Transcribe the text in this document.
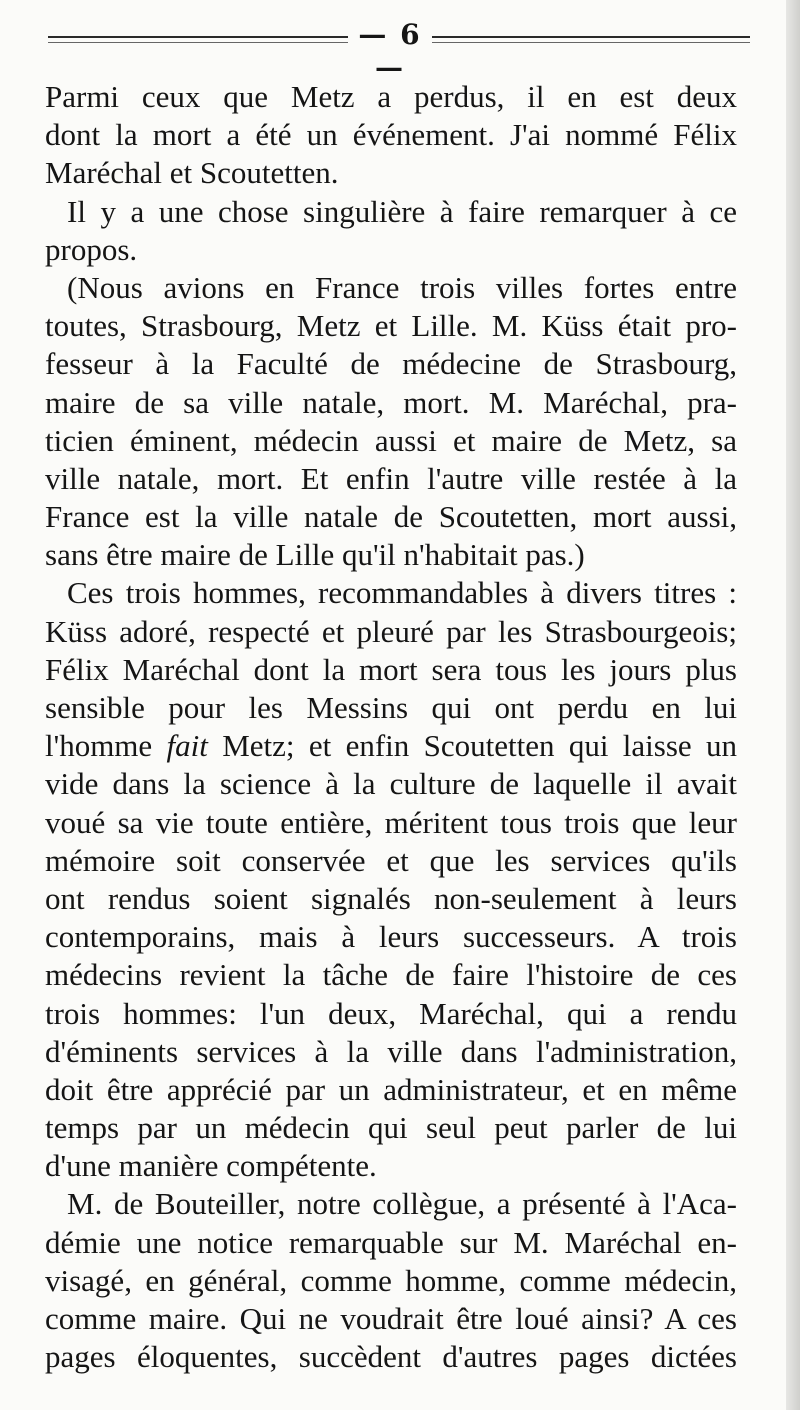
— 6 —
Parmi ceux que Metz a perdus, il en est deux
dont la mort a été un événement. J'ai nommé Félix
Maréchal et Scoutetten.
Il y a une chose singulière à faire remarquer à ce
propos.
(Nous avions en France trois villes fortes entre
toutes, Strasbourg, Metz et Lille. M. Küss était pro-
fesseur à la Faculté de médecine de Strasbourg,
maire de sa ville natale, mort. M. Maréchal, pra-
ticien éminent, médecin aussi et maire de Metz, sa
ville natale, mort. Et enfin l'autre ville restée à la
France est la ville natale de Scoutetten, mort aussi,
sans être maire de Lille qu'il n'habitait pas.)
Ces trois hommes, recommandables à divers titres :
Küss adoré, respecté et pleuré par les Strasbourgeois;
Félix Maréchal dont la mort sera tous les jours plus
sensible pour les Messins qui ont perdu en lui
l'homme fait Metz; et enfin Scoutetten qui laisse un
vide dans la science à la culture de laquelle il avait
voué sa vie toute entière, méritent tous trois que leur
mémoire soit conservée et que les services qu'ils
ont rendus soient signalés non-seulement à leurs
contemporains, mais à leurs successeurs. A trois
médecins revient la tâche de faire l'histoire de ces
trois hommes: l'un deux, Maréchal, qui a rendu
d'éminents services à la ville dans l'administration,
doit être apprécié par un administrateur, et en même
temps par un médecin qui seul peut parler de lui
d'une manière compétente.
M. de Bouteiller, notre collègue, a présenté à l'Aca-
démie une notice remarquable sur M. Maréchal en-
visagé, en général, comme homme, comme médecin,
comme maire. Qui ne voudrait être loué ainsi? A ces
pages éloquentes, succèdent d'autres pages dictées
